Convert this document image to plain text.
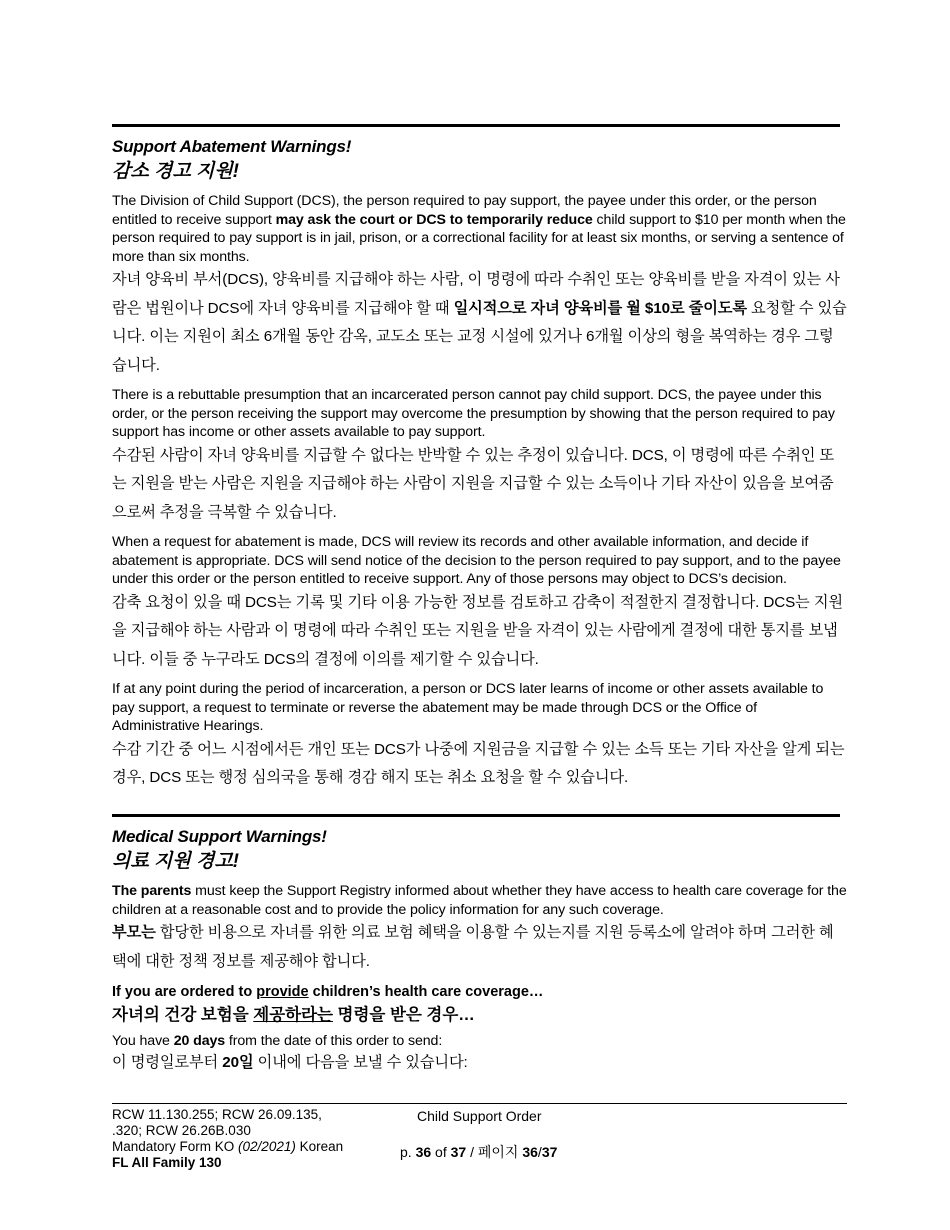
Support Abatement Warnings!

감소 경고 지원!

The Division of Child Support (DCS), the person required to pay support, the payee under this order, or the person entitled to receive support may ask the court or DCS to temporarily reduce child support to $10 per month when the person required to pay support is in jail, prison, or a correctional facility for at least six months, or serving a sentence of more than six months.

자녀 양육비 부서(DCS), 양육비를 지급해야 하는 사람, 이 명령에 따라 수취인 또는 양육비를 받을 자격이 있는 사람은 법원이나 DCS에 자녀 양육비를 지급해야 할 때 일시적으로 자녀 양육비를 월 $10로 줄이도록 요청할 수 있습니다. 이는 지원이 최소 6개월 동안 감옥, 교도소 또는 교정 시설에 있거나 6개월 이상의 형을 복역하는 경우 그렇습니다.

There is a rebuttable presumption that an incarcerated person cannot pay child support. DCS, the payee under this order, or the person receiving the support may overcome the presumption by showing that the person required to pay support has income or other assets available to pay support.

수감된 사람이 자녀 양육비를 지급할 수 없다는 반박할 수 있는 추정이 있습니다. DCS, 이 명령에 따른 수취인 또는 지원을 받는 사람은 지원을 지급해야 하는 사람이 지원을 지급할 수 있는 소득이나 기타 자산이 있음을 보여줌으로써 추정을 극복할 수 있습니다.

When a request for abatement is made, DCS will review its records and other available information, and decide if abatement is appropriate. DCS will send notice of the decision to the person required to pay support, and to the payee under this order or the person entitled to receive support. Any of those persons may object to DCS’s decision.

감축 요청이 있을 때 DCS는 기록 및 기타 이용 가능한 정보를 검토하고 감축이 적절한지 결정합니다. DCS는 지원을 지급해야 하는 사람과 이 명령에 따라 수취인 또는 지원을 받을 자격이 있는 사람에게 결정에 대한 통지를 보냅니다. 이들 중 누구라도 DCS의 결정에 이의를 제기할 수 있습니다.

If at any point during the period of incarceration, a person or DCS later learns of income or other assets available to pay support, a request to terminate or reverse the abatement may be made through DCS or the Office of Administrative Hearings.

수감 기간 중 어느 시점에서든 개인 또는 DCS가 나중에 지원금을 지급할 수 있는 소득 또는 기타 자산을 알게 되는 경우, DCS 또는 행정 심의국을 통해 경감 해지 또는 취소 요청을 할 수 있습니다.

Medical Support Warnings!

의료 지원 경고!

The parents must keep the Support Registry informed about whether they have access to health care coverage for the children at a reasonable cost and to provide the policy information for any such coverage.

부모는 합당한 비용으로 자녀를 위한 의료 보험 혜택을 이용할 수 있는지를 지원 등록소에 알려야 하며 그러한 혜택에 대한 정책 정보를 제공해야 합니다.

If you are ordered to provide children’s health care coverage…

자녀의 건강 보험을 제공하라는 명령을 받은 경우…

You have 20 days from the date of this order to send:

이 명령일로부터 20일 이내에 다음을 보낼 수 있습니다:

RCW 11.130.255; RCW 26.09.135,
.320; RCW 26.26B.030
Mandatory Form KO (02/2021) Korean
FL All Family 130
Child Support Order
p. 36 of 37 / 페이지 36/37
